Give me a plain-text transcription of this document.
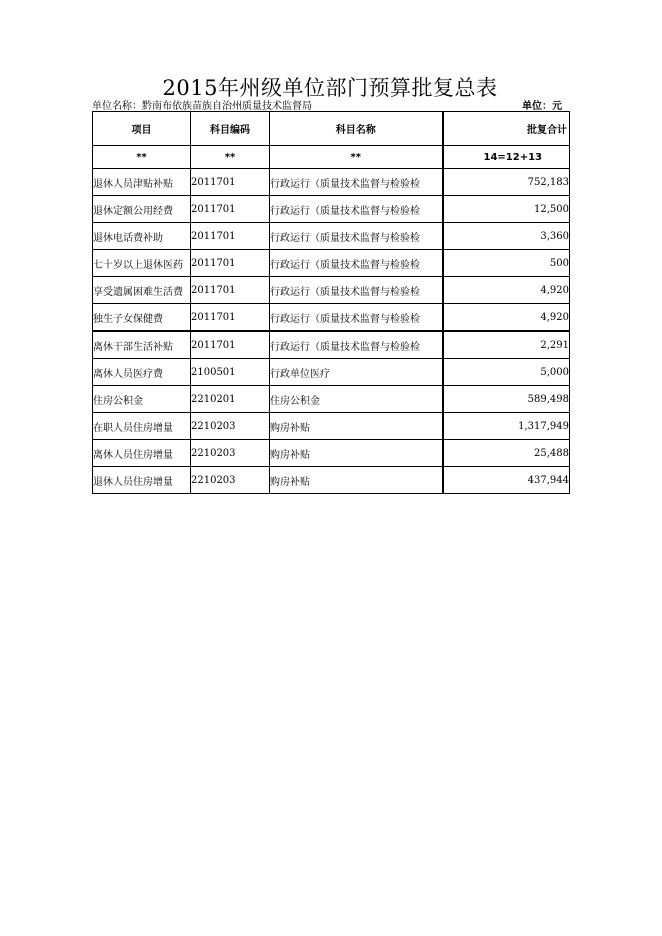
2015年州级单位部门预算批复总表
单位名称：黔南布依族苗族自治州质量技术监督局	单位：元
项目	科目编码	科目名称	批复合计
**	**	**	14=12+13
退休人员津贴补贴	2011701	行政运行（质量技术监督与检验检	752,183
退休定额公用经费	2011701	行政运行（质量技术监督与检验检	12,500
退休电话费补助	2011701	行政运行（质量技术监督与检验检	3,360
七十岁以上退休医药	2011701	行政运行（质量技术监督与检验检	500
享受遗属困难生活费	2011701	行政运行（质量技术监督与检验检	4,920
独生子女保健费	2011701	行政运行（质量技术监督与检验检	4,920
离休干部生活补贴	2011701	行政运行（质量技术监督与检验检	2,291
离休人员医疗费	2100501	行政单位医疗	5,000
住房公积金	2210201	住房公积金	589,498
在职人员住房增量	2210203	购房补贴	1,317,949
离休人员住房增量	2210203	购房补贴	25,488
退休人员住房增量	2210203	购房补贴	437,944
